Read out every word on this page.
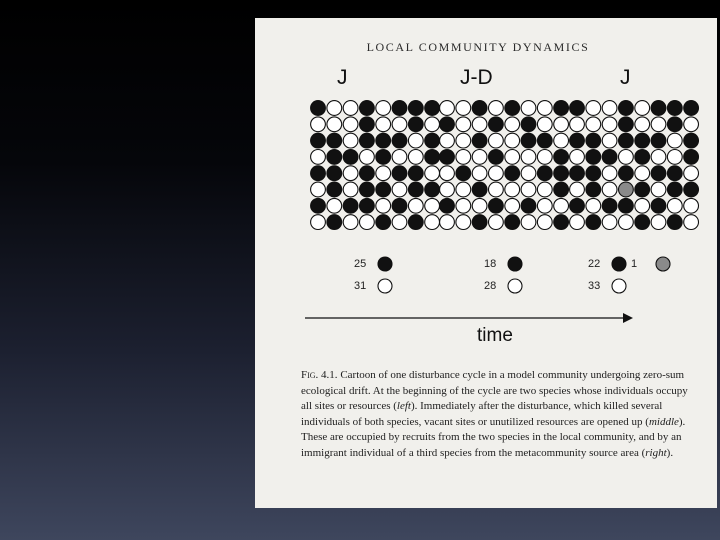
LOCAL COMMUNITY DYNAMICS
J	J-D	J
25
31
18
28
22
33
1
time
Fig. 4.1. Cartoon of one disturbance cycle in a model community undergoing zero-sum ecological drift. At the beginning of the cycle are two species whose individuals occupy all sites or resources (left). Immediately after the disturbance, which killed several individuals of both species, vacant sites or unutilized resources are opened up (middle). These are occupied by recruits from the two species in the local community, and by an immigrant individual of a third species from the metacommunity source area (right).
